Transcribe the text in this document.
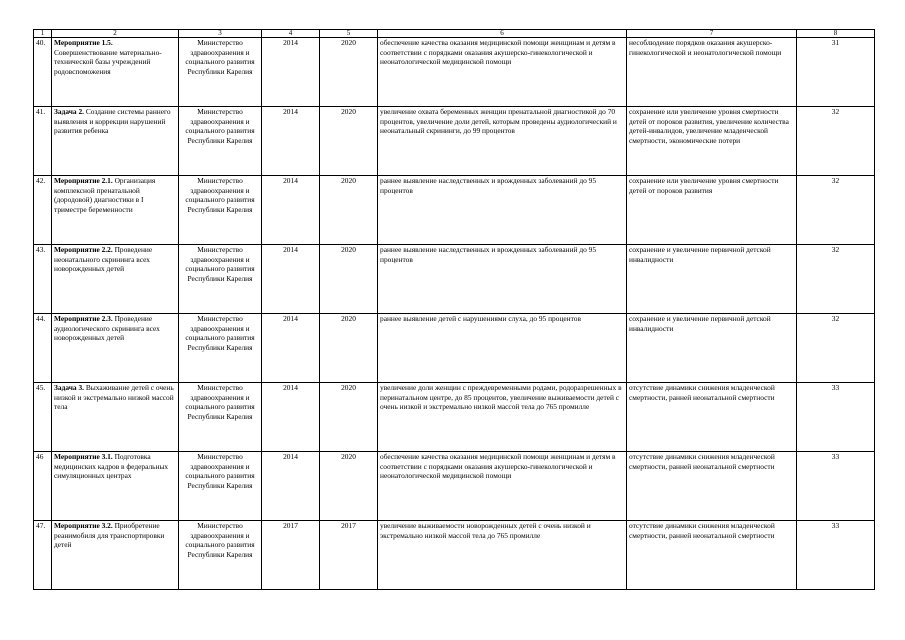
1	2	3	4	5	6	7	8
40.	Мероприятие 1.5. Совершенствование материально-технической базы учреждений родовспоможения	Министерство здравоохранения и социального развития Республики Карелия	2014	2020	обеспечение качества оказания медицинской помощи женщинам и детям в соответствии с порядками оказания акушерско-гинекологической и неонатологической медицинской помощи	несоблюдение порядков оказания акушерско-гинекологической и неонатологической помощи	31
41.	Задача 2. Создание системы раннего выявления и коррекции нарушений развития ребенка	Министерство здравоохранения и социального развития Республики Карелия	2014	2020	увеличение охвата беременных женщин пренатальной диагностикой до 70 процентов, увеличение доли детей, которым проведены аудиологический и неонатальный скрининги, до 99 процентов	сохранение или увеличение уровня смертности детей от пороков развития, увеличение количества детей-инвалидов, увеличение младенческой смертности, экономические потери	32
42.	Мероприятие 2.1. Организация комплексной пренатальной (дородовой) диагностики в I триместре беременности	Министерство здравоохранения и социального развития Республики Карелия	2014	2020	раннее выявление наследственных и врожденных заболеваний до 95 процентов	сохранение или увеличение уровня смертности детей от пороков развития	32
43.	Мероприятие 2.2. Проведение неонатального скрининга всех новорожденных детей	Министерство здравоохранения и социального развития Республики Карелия	2014	2020	раннее выявление наследственных и врожденных заболеваний до 95 процентов	сохранение и увеличение первичной детской инвалидности	32
44.	Мероприятие 2.3. Проведение аудиологического скрининга всех новорожденных детей	Министерство здравоохранения и социального развития Республики Карелия	2014	2020	раннее выявление детей с нарушениями слуха, до 95 процентов	сохранение и увеличение первичной детской инвалидности	32
45.	Задача 3. Выхаживание детей с очень низкой и экстремально низкой массой тела	Министерство здравоохранения и социального развития Республики Карелия	2014	2020	увеличение доли женщин с преждевременными родами, родоразрешенных в перинатальном центре, до 85 процентов, увеличение выживаемости детей с очень низкой и экстремально низкой массой тела до 765 промилле	отсутствие динамики снижения младенческой смертности, ранней неонатальной смертности	33
46	Мероприятие 3.1. Подготовка медицинских кадров в федеральных симуляционных центрах	Министерство здравоохранения и социального развития Республики Карелия	2014	2020	обеспечение качества оказания медицинской помощи женщинам и детям в соответствии с порядками оказания акушерско-гинекологической и неонатологической медицинской помощи	отсутствие динамики снижения младенческой смертности, ранней неонатальной смертности	33
47.	Мероприятие 3.2. Приобретение реанимобиля для транспортировки детей	Министерство здравоохранения и социального развития Республики Карелия	2017	2017	увеличение выживаемости новорожденных детей с очень низкой и экстремально низкой массой тела до 765 промилле	отсутствие динамики снижения младенческой смертности, ранней неонатальной смертности	33
